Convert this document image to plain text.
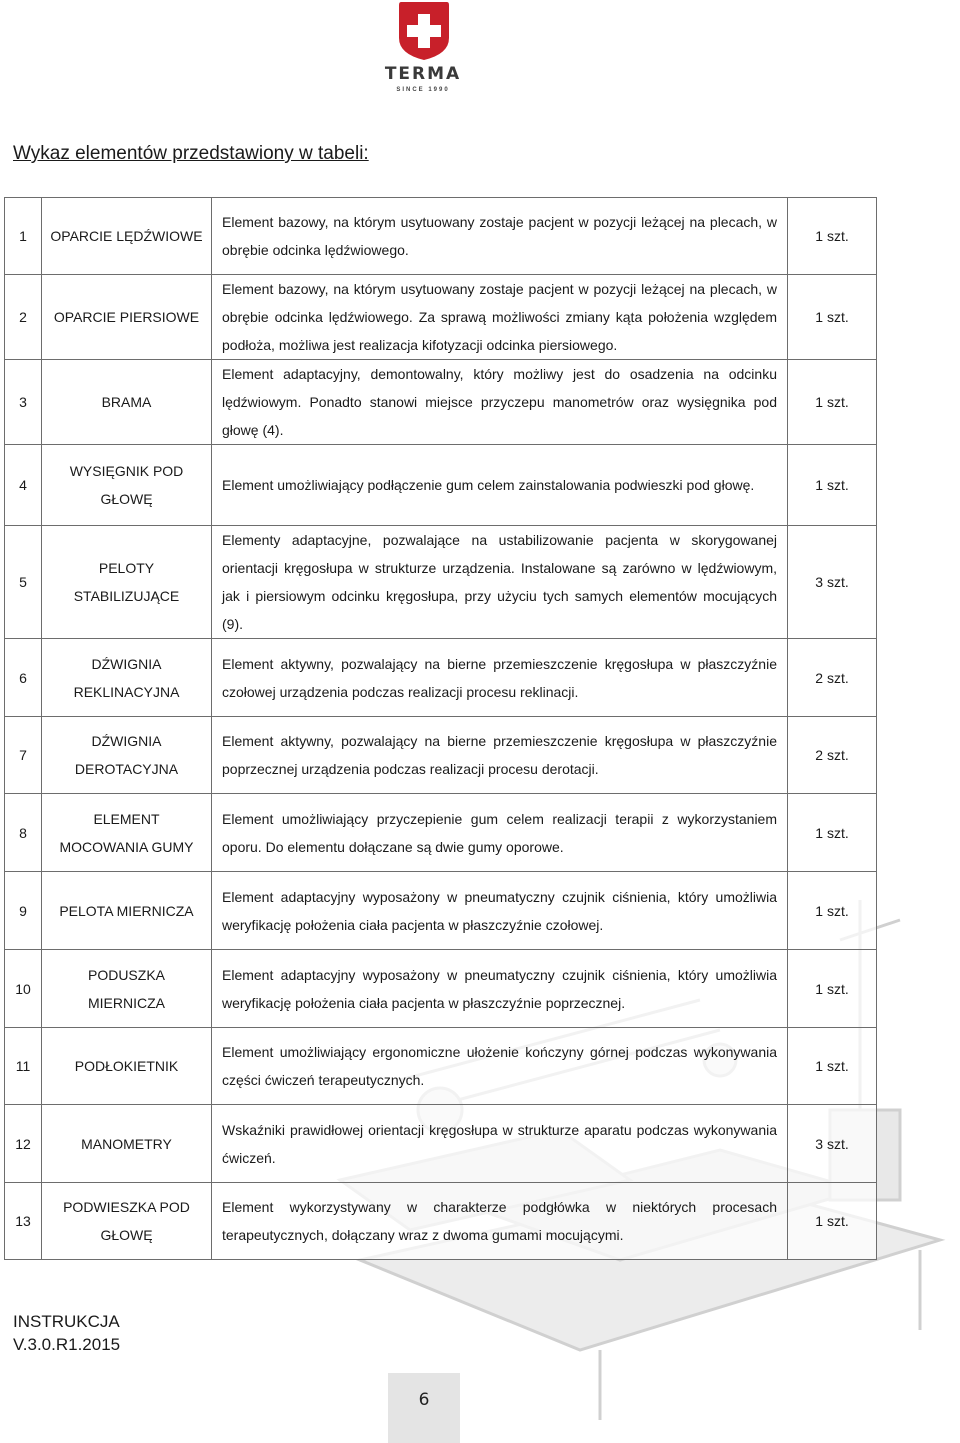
TERMA
SINCE 1990
Wykaz elementów przedstawiony w tabeli:
1	OPARCIE LĘDŹWIOWE	Element bazowy, na którym usytuowany zostaje pacjent w pozycji leżącej na plecach, w obrębie odcinka lędźwiowego.	1 szt.
2	OPARCIE PIERSIOWE	Element bazowy, na którym usytuowany zostaje pacjent w pozycji leżącej na plecach, w obrębie odcinka lędźwiowego. Za sprawą możliwości zmiany kąta położenia względem podłoża, możliwa jest realizacja kifotyzacji odcinka piersiowego.	1 szt.
3	BRAMA	Element adaptacyjny, demontowalny, który możliwy jest do osadzenia na odcinku lędźwiowym. Ponadto stanowi miejsce przyczepu manometrów oraz wysięgnika pod głowę (4).	1 szt.
4	WYSIĘGNIK POD GŁOWĘ	Element umożliwiający podłączenie gum celem zainstalowania podwieszki pod głowę.	1 szt.
5	PELOTY STABILIZUJĄCE	Elementy adaptacyjne, pozwalające na ustabilizowanie pacjenta w skorygowanej orientacji kręgosłupa w strukturze urządzenia. Instalowane są zarówno w lędźwiowym, jak i piersiowym odcinku kręgosłupa, przy użyciu tych samych elementów mocujących (9).	3 szt.
6	DŹWIGNIA REKLINACYJNA	Element aktywny, pozwalający na bierne przemieszczenie kręgosłupa w płaszczyźnie czołowej urządzenia podczas realizacji procesu reklinacji.	2 szt.
7	DŹWIGNIA DEROTACYJNA	Element aktywny, pozwalający na bierne przemieszczenie kręgosłupa w płaszczyźnie poprzecznej urządzenia podczas realizacji procesu derotacji.	2 szt.
8	ELEMENT MOCOWANIA GUMY	Element umożliwiający przyczepienie gum celem realizacji terapii z wykorzystaniem oporu. Do elementu dołączane są dwie gumy oporowe.	1 szt.
9	PELOTA MIERNICZA	Element adaptacyjny wyposażony w pneumatyczny czujnik ciśnienia, który umożliwia weryfikację położenia ciała pacjenta w płaszczyźnie czołowej.	1 szt.
10	PODUSZKA MIERNICZA	Element adaptacyjny wyposażony w pneumatyczny czujnik ciśnienia, który umożliwia weryfikację położenia ciała pacjenta w płaszczyźnie poprzecznej.	1 szt.
11	PODŁOKIETNIK	Element umożliwiający ergonomiczne ułożenie kończyny górnej podczas wykonywania części ćwiczeń terapeutycznych.	1 szt.
12	MANOMETRY	Wskaźniki prawidłowej orientacji kręgosłupa w strukturze aparatu podczas wykonywania ćwiczeń.	3 szt.
13	PODWIESZKA POD GŁOWĘ	Element wykorzystywany w charakterze podgłówka w niektórych procesach terapeutycznych, dołączany wraz z dwoma gumami mocującymi.	1 szt.
INSTRUKCJA
V.3.0.R1.2015
6
